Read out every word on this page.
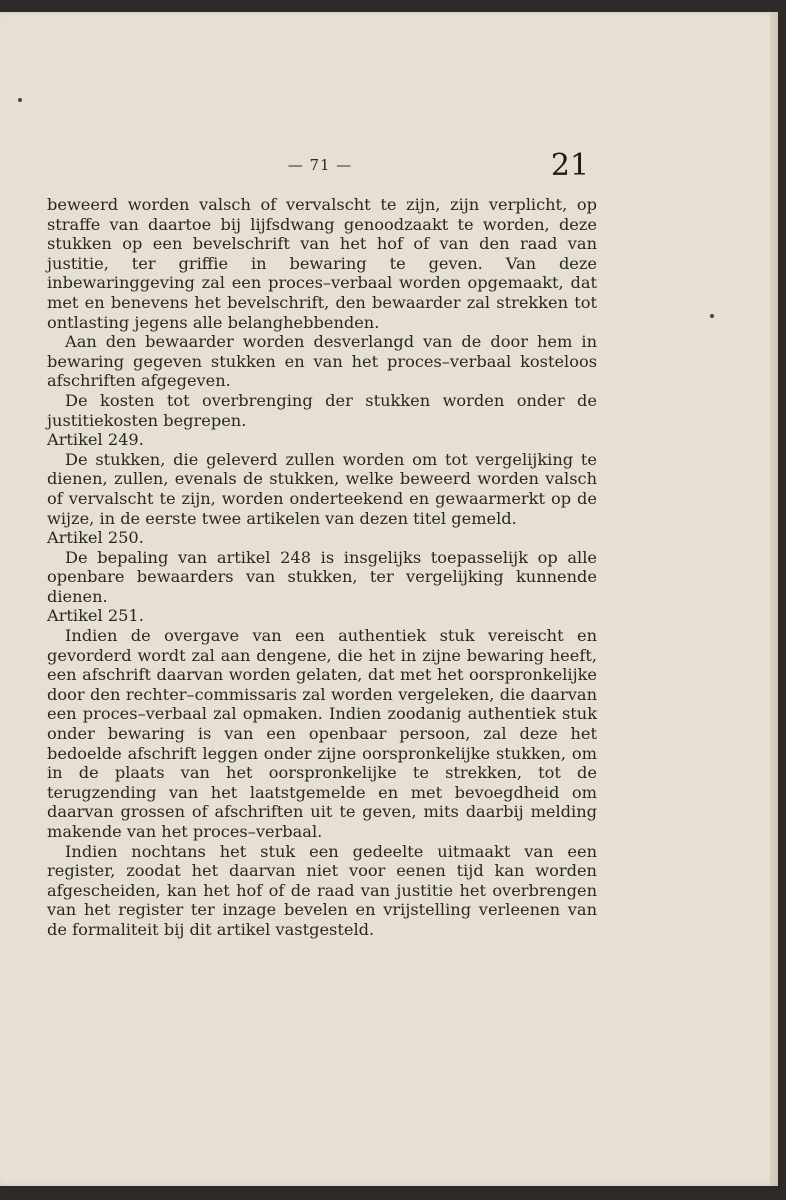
— 71 —	21

beweerd worden valsch of vervalscht te zijn, zijn verplicht, op straffe van daartoe bij lijfsdwang genoodzaakt te worden, deze stukken op een bevelschrift van het hof of van den raad van justitie, ter griffie in bewaring te geven. Van deze inbewaringgeving zal een proces–verbaal worden opgemaakt, dat met en benevens het bevelschrift, den bewaarder zal strekken tot ontlasting jegens alle belanghebbenden.

Aan den bewaarder worden desverlangd van de door hem in bewaring gegeven stukken en van het proces–verbaal kosteloos afschriften afgegeven.

De kosten tot overbrenging der stukken worden onder de justitiekosten begrepen.

Artikel 249.

De stukken, die geleverd zullen worden om tot vergelijking te dienen, zullen, evenals de stukken, welke beweerd worden valsch of vervalscht te zijn, worden onderteekend en gewaarmerkt op de wijze, in de eerste twee artikelen van dezen titel gemeld.

Artikel 250.

De bepaling van artikel 248 is insgelijks toepasselijk op alle openbare bewaarders van stukken, ter vergelijking kunnende dienen.

Artikel 251.

Indien de overgave van een authentiek stuk vereischt en gevorderd wordt zal aan dengene, die het in zijne bewaring heeft, een afschrift daarvan worden gelaten, dat met het oorspronkelijke door den rechter–commissaris zal worden vergeleken, die daarvan een proces–verbaal zal opmaken. Indien zoodanig authentiek stuk onder bewaring is van een openbaar persoon, zal deze het bedoelde afschrift leggen onder zijne oorspronkelijke stukken, om in de plaats van het oorspronkelijke te strekken, tot de terugzending van het laatstgemelde en met bevoegdheid om daarvan grossen of afschriften uit te geven, mits daarbij melding makende van het proces–verbaal.

Indien nochtans het stuk een gedeelte uitmaakt van een register, zoodat het daarvan niet voor eenen tijd kan worden afgescheiden, kan het hof of de raad van justitie het overbrengen van het register ter inzage bevelen en vrijstelling verleenen van de formaliteit bij dit artikel vastgesteld.
